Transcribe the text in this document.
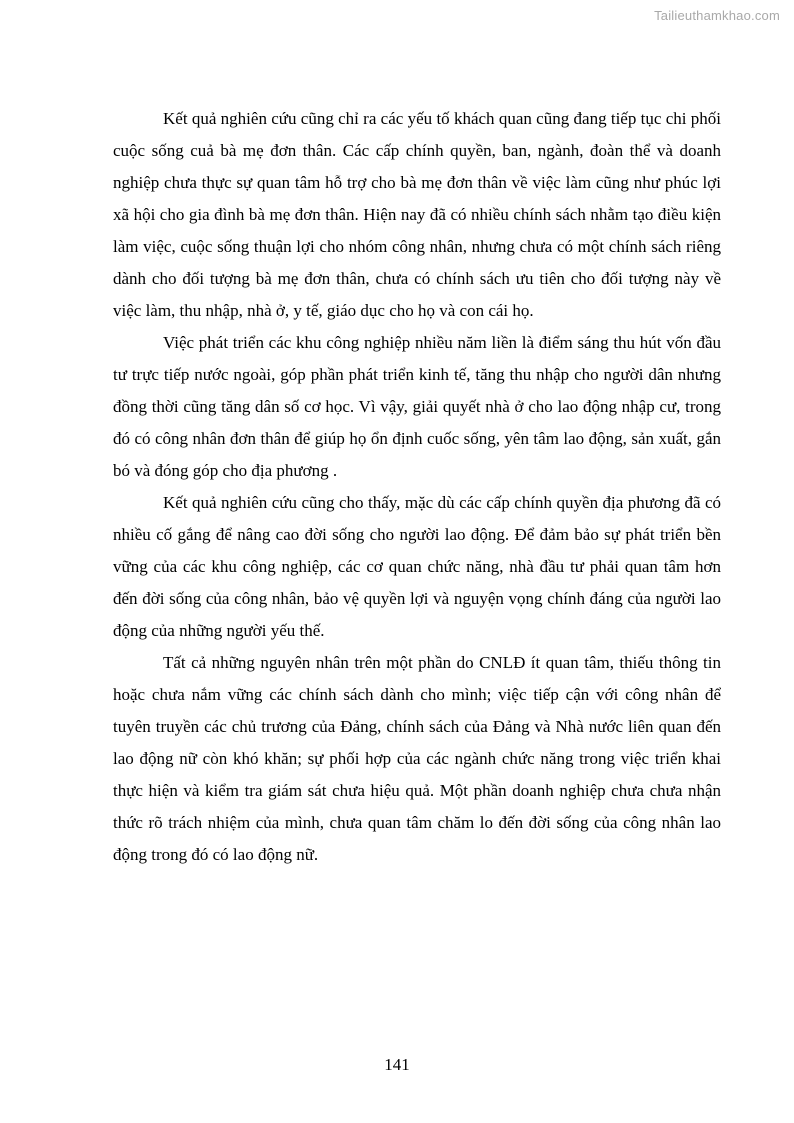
Tailieuthamkhao.com

Kết quả nghiên cứu cũng chỉ ra các yếu tố khách quan cũng đang tiếp tục chi phối cuộc sống cuả bà mẹ đơn thân. Các cấp chính quyền, ban, ngành, đoàn thể và doanh nghiệp chưa thực sự quan tâm hỗ trợ cho bà mẹ đơn thân về việc làm cũng như phúc lợi xã hội cho gia đình bà mẹ đơn thân. Hiện nay đã có nhiều chính sách nhằm tạo điều kiện làm việc, cuộc sống thuận lợi cho nhóm công nhân, nhưng chưa có một chính sách riêng dành cho đối tượng bà mẹ đơn thân, chưa có chính sách ưu tiên cho đối tượng này về việc làm, thu nhập, nhà ở, y tế, giáo dục cho họ và con cái họ.

Việc phát triển các khu công nghiệp nhiều năm liền là điểm sáng thu hút vốn đầu tư trực tiếp nước ngoài, góp phần phát triển kinh tế, tăng thu nhập cho người dân nhưng đồng thời cũng tăng dân số cơ học. Vì vậy, giải quyết nhà ở cho lao động nhập cư, trong đó có công nhân đơn thân để giúp họ ổn định cuốc sống, yên tâm lao động, sản xuất, gắn bó và đóng góp cho địa phương .

Kết quả nghiên cứu cũng cho thấy, mặc dù các cấp chính quyền địa phương đã có nhiều cố gắng để nâng cao đời sống cho người lao động. Để đảm bảo sự phát triển bền vững của các khu công nghiệp, các cơ quan chức năng, nhà đầu tư phải quan tâm hơn đến đời sống của công nhân, bảo vệ quyền lợi và nguyện vọng chính đáng của người lao động của những người yếu thế.

Tất cả những nguyên nhân trên một phần do CNLĐ ít quan tâm, thiếu thông tin hoặc chưa nắm vững các chính sách dành cho mình; việc tiếp cận với công nhân để tuyên truyền các chủ trương của Đảng, chính sách của Đảng và Nhà nước liên quan đến lao động nữ còn khó khăn; sự phối hợp của các ngành chức năng trong việc triển khai thực hiện và kiểm tra giám sát chưa hiệu quả. Một phần doanh nghiệp chưa chưa nhận thức rõ trách nhiệm của mình, chưa quan tâm chăm lo đến đời sống của công nhân lao động trong đó có lao động nữ.

141
